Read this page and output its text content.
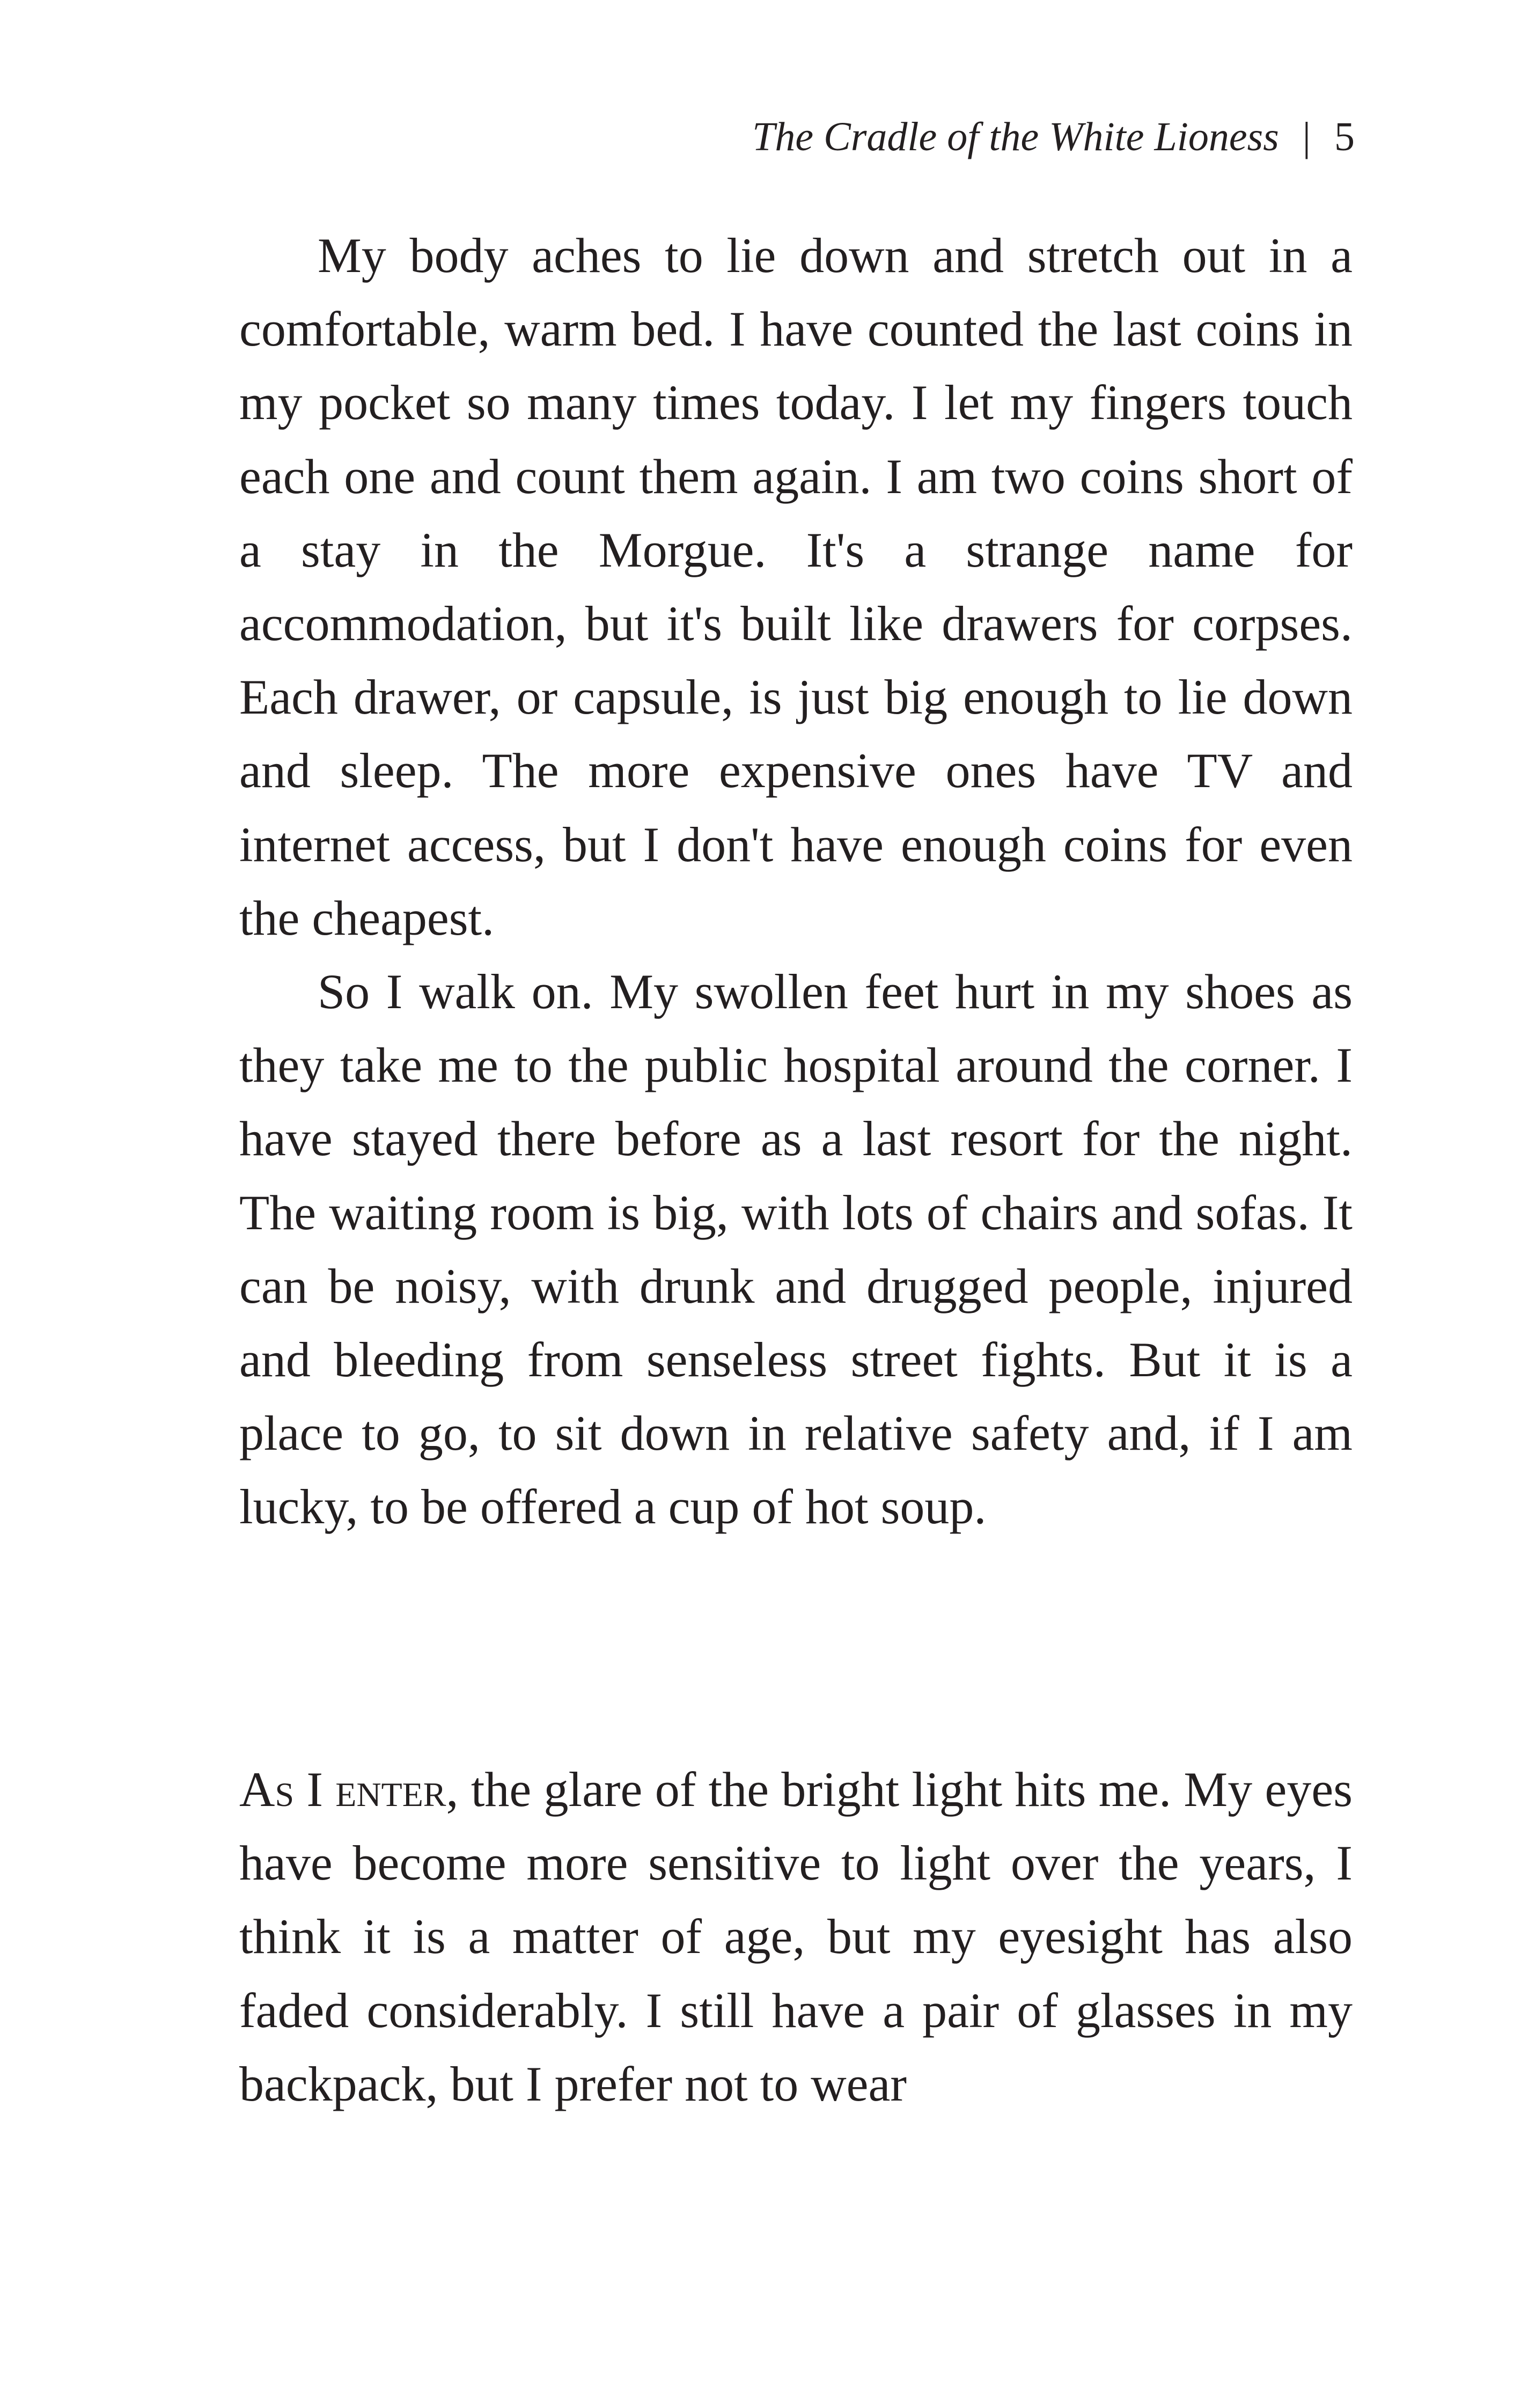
The Cradle of the White Lioness | 5

My body aches to lie down and stretch out in a comfortable, warm bed. I have counted the last coins in my pocket so many times today. I let my fingers touch each one and count them again. I am two coins short of a stay in the Morgue. It's a strange name for accommodation, but it's built like drawers for corpses. Each drawer, or capsule, is just big enough to lie down and sleep. The more expensive ones have TV and internet access, but I don't have enough coins for even the cheapest.

So I walk on. My swollen feet hurt in my shoes as they take me to the public hospital around the corner. I have stayed there before as a last resort for the night. The waiting room is big, with lots of chairs and sofas. It can be noisy, with drunk and drugged people, injured and bleeding from senseless street fights. But it is a place to go, to sit down in relative safety and, if I am lucky, to be offered a cup of hot soup.

As I enter, the glare of the bright light hits me. My eyes have become more sensitive to light over the years, I think it is a matter of age, but my eyesight has also faded considerably. I still have a pair of glasses in my backpack, but I prefer not to wear
